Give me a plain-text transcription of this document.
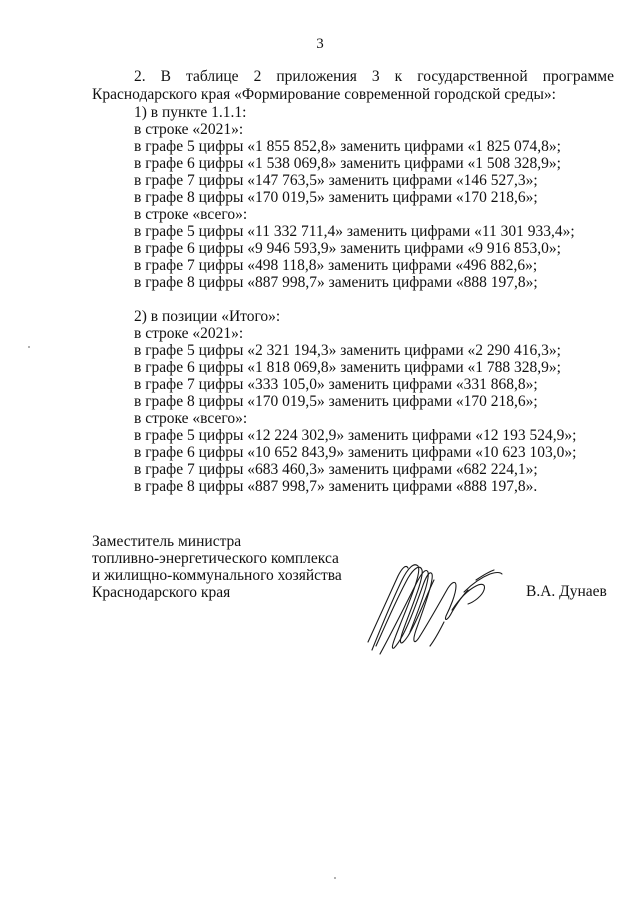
3
2. В таблице 2 приложения 3 к государственной программе
Краснодарского края «Формирование современной городской среды»:
1) в пункте 1.1.1:
в строке «2021»:
в графе 5 цифры «1 855 852,8» заменить цифрами «1 825 074,8»;
в графе 6 цифры «1 538 069,8» заменить цифрами «1 508 328,9»;
в графе 7 цифры «147 763,5» заменить цифрами «146 527,3»;
в графе 8 цифры «170 019,5» заменить цифрами «170 218,6»;
в строке «всего»:
в графе 5 цифры «11 332 711,4» заменить цифрами «11 301 933,4»;
в графе 6 цифры «9 946 593,9» заменить цифрами «9 916 853,0»;
в графе 7 цифры «498 118,8» заменить цифрами «496 882,6»;
в графе 8 цифры «887 998,7» заменить цифрами «888 197,8»;
2) в позиции «Итого»:
в строке «2021»:
в графе 5 цифры «2 321 194,3» заменить цифрами «2 290 416,3»;
в графе 6 цифры «1 818 069,8» заменить цифрами «1 788 328,9»;
в графе 7 цифры «333 105,0» заменить цифрами «331 868,8»;
в графе 8 цифры «170 019,5» заменить цифрами «170 218,6»;
в строке «всего»:
в графе 5 цифры «12 224 302,9» заменить цифрами «12 193 524,9»;
в графе 6 цифры «10 652 843,9» заменить цифрами «10 623 103,0»;
в графе 7 цифры «683 460,3» заменить цифрами «682 224,1»;
в графе 8 цифры «887 998,7» заменить цифрами «888 197,8».
Заместитель министра
топливно-энергетического комплекса
и жилищно-коммунального хозяйства
Краснодарского края	В.А. Дунаев
